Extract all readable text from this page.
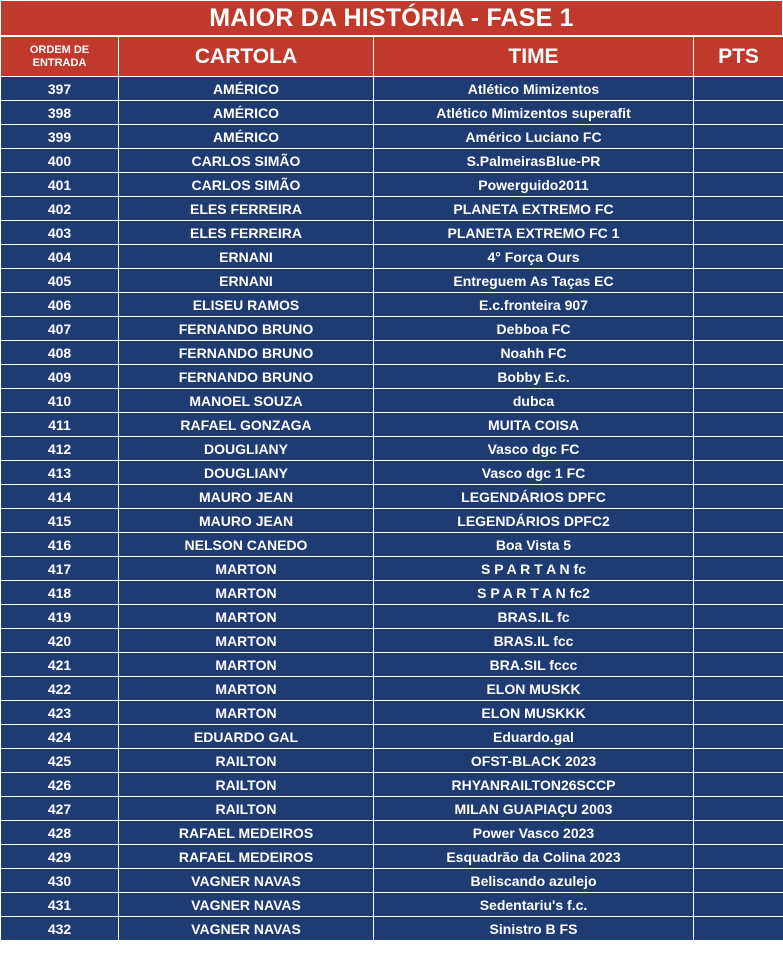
MAIOR DA HISTÓRIA - FASE 1
ORDEM DE ENTRADA	CARTOLA	TIME	PTS
397	AMÉRICO	Atlético Mimizentos	
398	AMÉRICO	Atlético Mimizentos superafit	
399	AMÉRICO	Américo Luciano FC	
400	CARLOS SIMÃO	S.PalmeirasBlue-PR	
401	CARLOS SIMÃO	Powerguido2011	
402	ELES FERREIRA	PLANETA EXTREMO FC	
403	ELES FERREIRA	PLANETA EXTREMO FC 1	
404	ERNANI	4° Força Ours	
405	ERNANI	Entreguem As Taças EC	
406	ELISEU RAMOS	E.c.fronteira 907	
407	FERNANDO BRUNO	Debboa FC	
408	FERNANDO BRUNO	Noahh FC	
409	FERNANDO BRUNO	Bobby E.c.	
410	MANOEL SOUZA	dubca	
411	RAFAEL GONZAGA	MUITA COISA	
412	DOUGLIANY	Vasco dgc FC	
413	DOUGLIANY	Vasco dgc 1 FC	
414	MAURO JEAN	LEGENDÁRIOS DPFC	
415	MAURO JEAN	LEGENDÁRIOS DPFC2	
416	NELSON CANEDO	Boa Vista 5	
417	MARTON	S P A R T A N fc	
418	MARTON	S P A R T A N fc2	
419	MARTON	BRAS.IL fc	
420	MARTON	BRAS.IL fcc	
421	MARTON	BRA.SIL fccc	
422	MARTON	ELON MUSKK	
423	MARTON	ELON MUSKKK	
424	EDUARDO GAL	Eduardo.gal	
425	RAILTON	OFST-BLACK 2023	
426	RAILTON	RHYANRAILTON26SCCP	
427	RAILTON	MILAN GUAPIAÇU 2003	
428	RAFAEL MEDEIROS	Power Vasco 2023	
429	RAFAEL MEDEIROS	Esquadrão da Colina 2023	
430	VAGNER NAVAS	Beliscando azulejo	
431	VAGNER NAVAS	Sedentariu's f.c.	
432	VAGNER NAVAS	Sinistro B FS	
